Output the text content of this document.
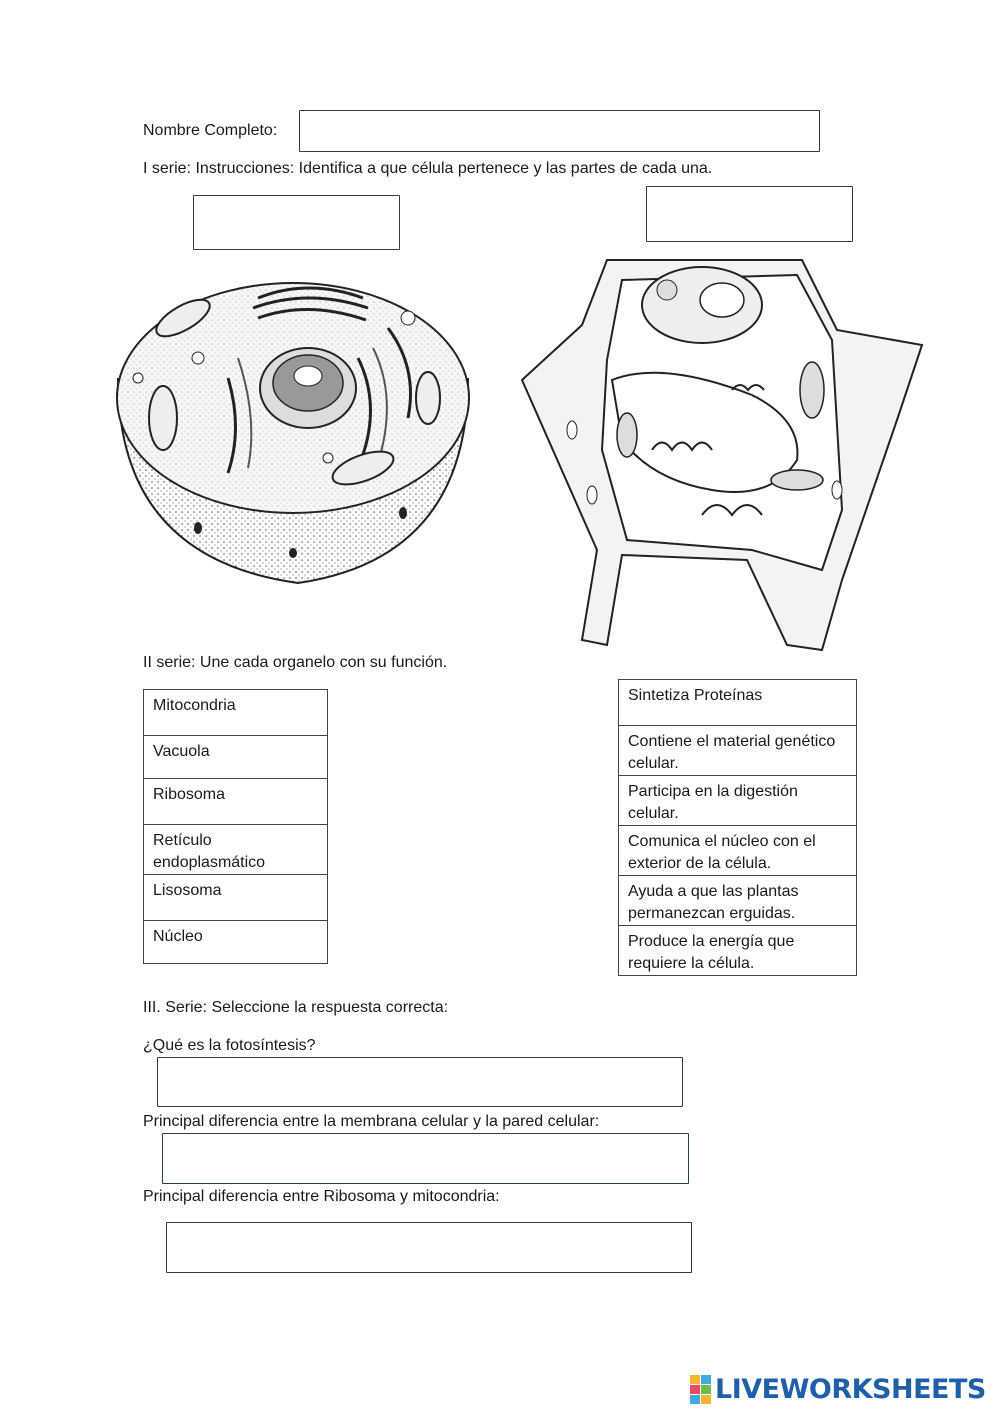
Nombre Completo:
I serie: Instrucciones: Identifica a que célula pertenece y las partes de cada una.
II serie: Une cada organelo con su función.
Mitocondria
Vacuola
Ribosoma
Retículo endoplasmático
Lisosoma
Núcleo
Sintetiza Proteínas
Contiene el material genético celular.
Participa en la digestión celular.
Comunica el núcleo con el exterior de la célula.
Ayuda a que las plantas permanezcan erguidas.
Produce la energía que requiere la célula.
III. Serie: Seleccione la respuesta correcta:
¿Qué es la fotosíntesis?
Principal diferencia entre la membrana celular y la pared celular:
Principal diferencia entre Ribosoma y mitocondria:
LIVEWORKSHEETS
